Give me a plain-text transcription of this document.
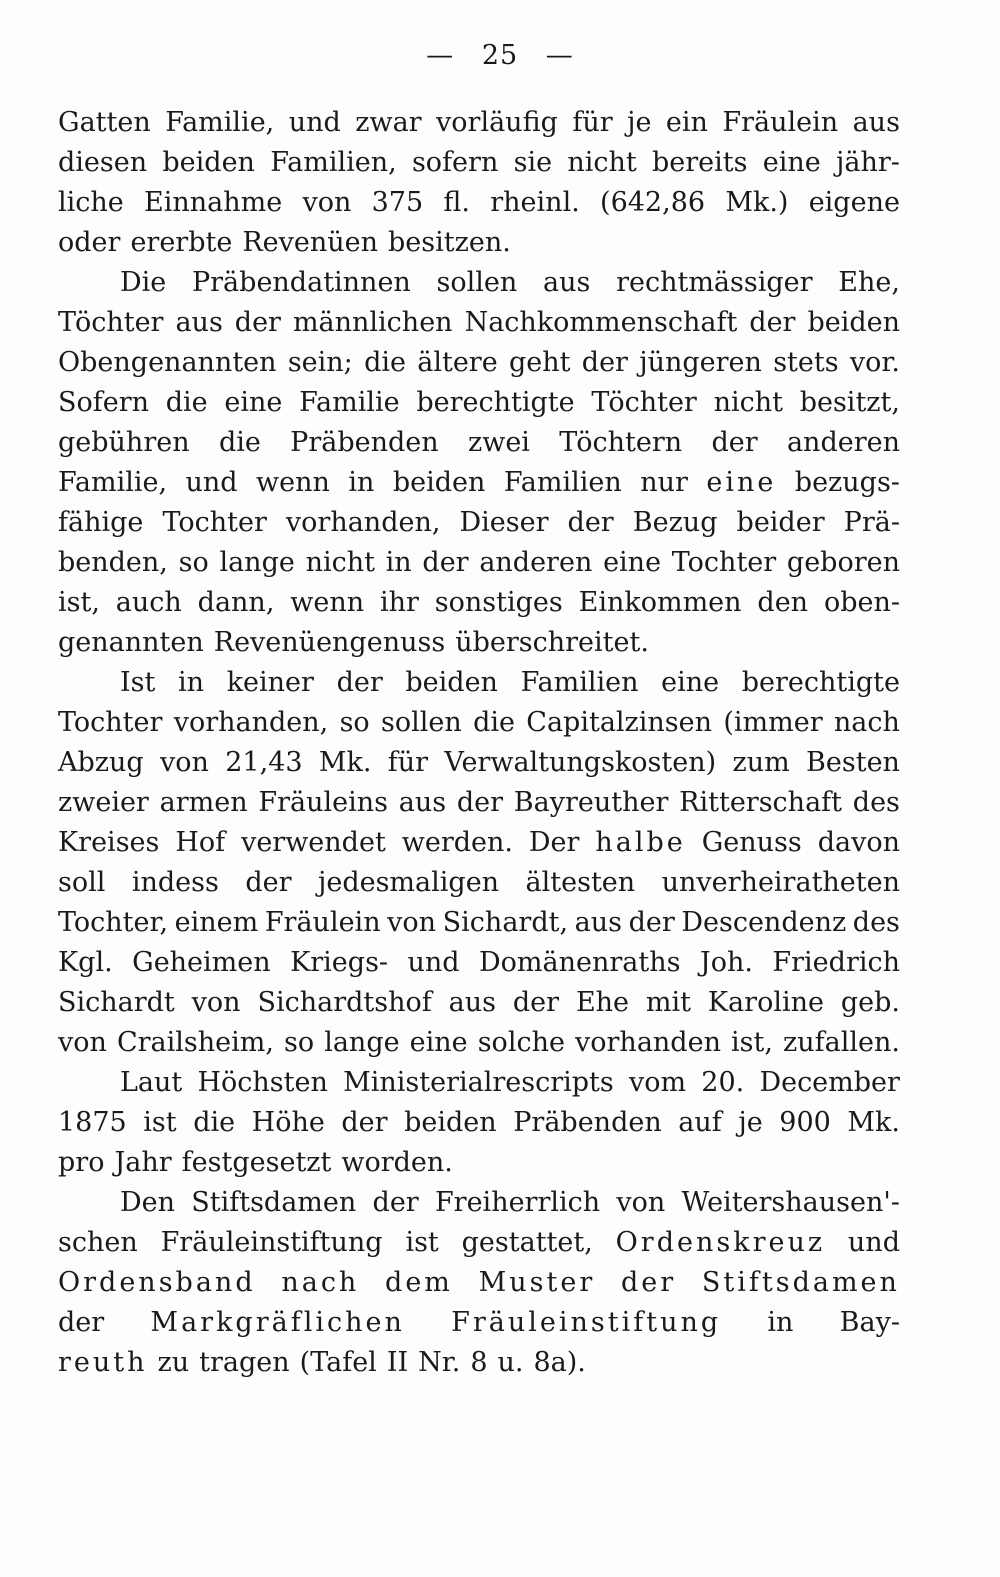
— 25 —
Gatten Familie, und zwar vorläufig für je ein Fräulein aus
diesen beiden Familien, sofern sie nicht bereits eine jähr-
liche Einnahme von 375 fl. rheinl. (642,86 Mk.) eigene
oder ererbte Revenüen besitzen.
Die Präbendatinnen sollen aus rechtmässiger Ehe,
Töchter aus der männlichen Nachkommenschaft der beiden
Obengenannten sein; die ältere geht der jüngeren stets vor.
Sofern die eine Familie berechtigte Töchter nicht besitzt,
gebühren die Präbenden zwei Töchtern der anderen
Familie, und wenn in beiden Familien nur eine bezugs-
fähige Tochter vorhanden, Dieser der Bezug beider Prä-
benden, so lange nicht in der anderen eine Tochter geboren
ist, auch dann, wenn ihr sonstiges Einkommen den oben-
genannten Revenüengenuss überschreitet.
Ist in keiner der beiden Familien eine berechtigte
Tochter vorhanden, so sollen die Capitalzinsen (immer nach
Abzug von 21,43 Mk. für Verwaltungskosten) zum Besten
zweier armen Fräuleins aus der Bayreuther Ritterschaft des
Kreises Hof verwendet werden. Der halbe Genuss davon
soll indess der jedesmaligen ältesten unverheiratheten
Tochter, einem Fräulein von Sichardt, aus der Descendenz des
Kgl. Geheimen Kriegs- und Domänenraths Joh. Friedrich
Sichardt von Sichardtshof aus der Ehe mit Karoline geb.
von Crailsheim, so lange eine solche vorhanden ist, zufallen.
Laut Höchsten Ministerialrescripts vom 20. December
1875 ist die Höhe der beiden Präbenden auf je 900 Mk.
pro Jahr festgesetzt worden.
Den Stiftsdamen der Freiherrlich von Weitershausen'-
schen Fräuleinstiftung ist gestattet, Ordenskreuz und
Ordensband nach dem Muster der Stiftsdamen
der Markgräflichen Fräuleinstiftung in Bay-
reuth zu tragen (Tafel II Nr. 8 u. 8a).
